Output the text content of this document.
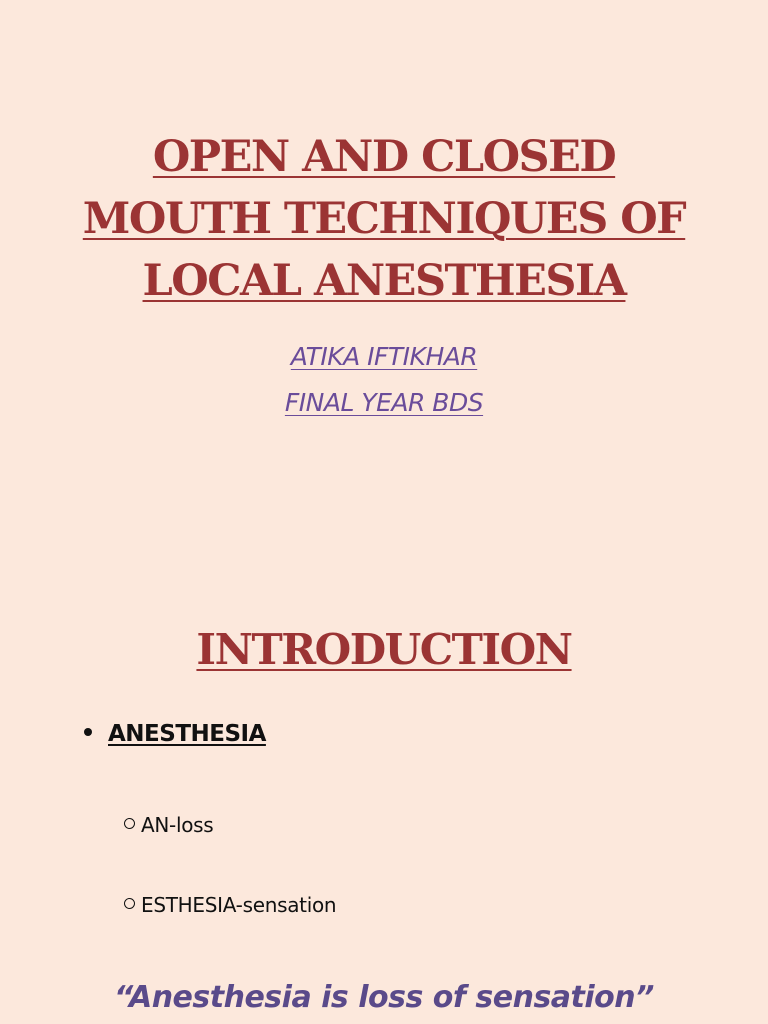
OPEN AND CLOSED
MOUTH TECHNIQUES OF
LOCAL ANESTHESIA
ATIKA IFTIKHAR
FINAL YEAR BDS
INTRODUCTION
ANESTHESIA
AN-loss
ESTHESIA-sensation
“Anesthesia is loss of sensation”
